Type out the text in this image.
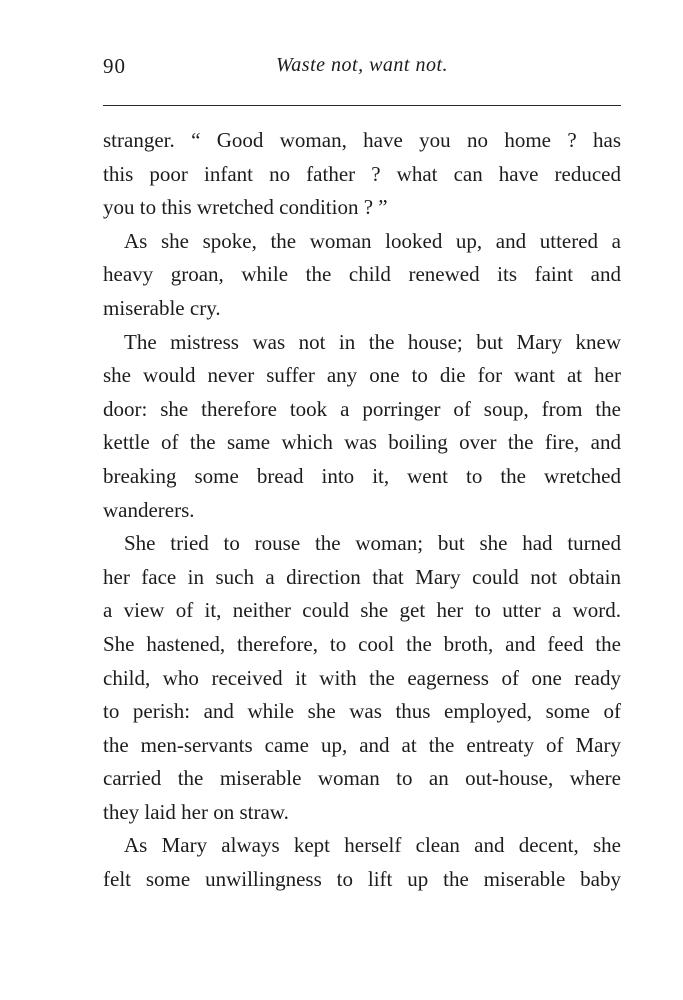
90	Waste not, want not.
stranger. “ Good woman, have you no home ? has
this poor infant no father ? what can have reduced
you to this wretched condition ? ”
 As she spoke, the woman looked up, and uttered a
heavy groan, while the child renewed its faint and
miserable cry.
 The mistress was not in the house; but Mary knew
she would never suffer any one to die for want at her
door: she therefore took a porringer of soup, from the
kettle of the same which was boiling over the fire, and
breaking some bread into it, went to the wretched
wanderers.
 She tried to rouse the woman; but she had turned
her face in such a direction that Mary could not obtain
a view of it, neither could she get her to utter a word.
She hastened, therefore, to cool the broth, and feed the
child, who received it with the eagerness of one ready
to perish: and while she was thus employed, some of
the men-servants came up, and at the entreaty of Mary
carried the miserable woman to an out-house, where
they laid her on straw.
 As Mary always kept herself clean and decent, she
felt some unwillingness to lift up the miserable baby
